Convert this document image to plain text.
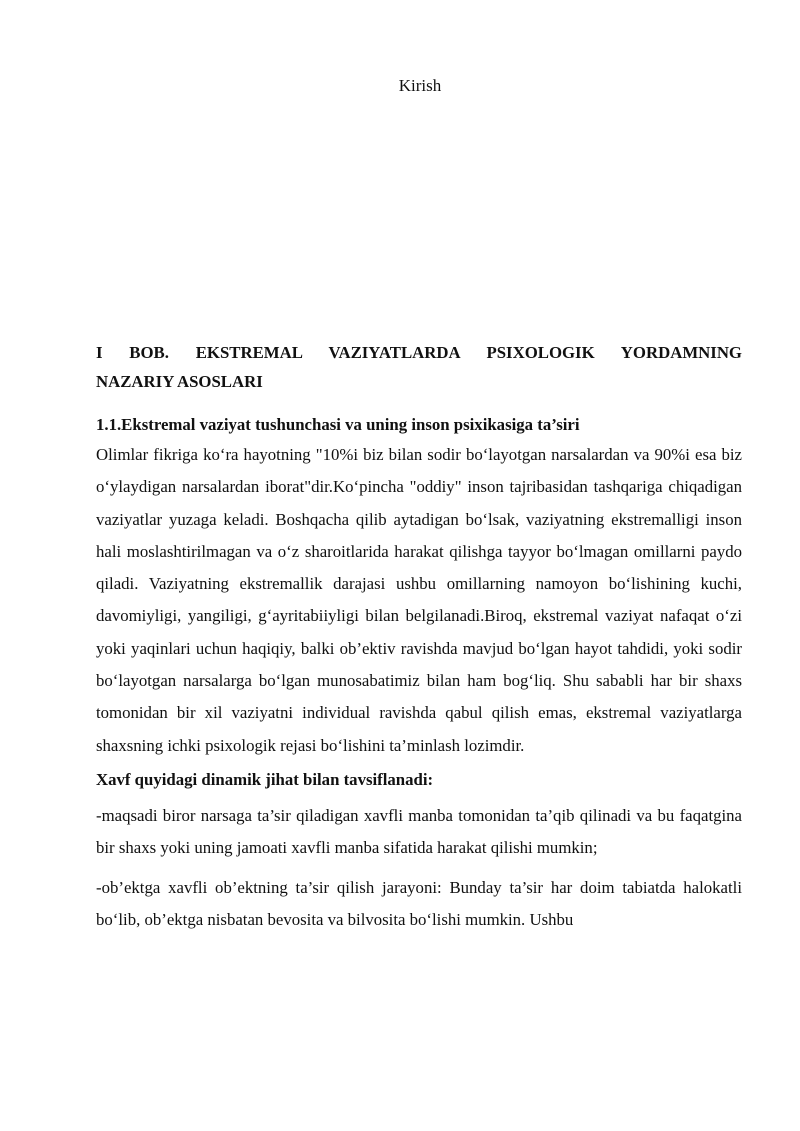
Kirish
I BOB. EKSTREMAL VAZIYATLARDA PSIXOLOGIK YORDAMNING
NAZARIY ASOSLARI
1.1.Ekstremal vaziyat tushunchasi va uning inson psixikasiga ta’siri

Olimlar fikriga ko‘ra hayotning "10%i biz bilan sodir bo‘layotgan narsalardan va 90%i esa biz o‘ylaydigan narsalardan iborat"dir.Ko‘pincha "oddiy" inson tajribasidan tashqariga chiqadigan vaziyatlar yuzaga keladi. Boshqacha qilib aytadigan bo‘lsak, vaziyatning ekstremalligi inson hali moslashtirilmagan va o‘z sharoitlarida harakat qilishga tayyor bo‘lmagan omillarni paydo qiladi. Vaziyatning ekstremallik darajasi ushbu omillarning namoyon bo‘lishining kuchi, davomiyligi, yangiligi, g‘ayritabiiyligi bilan belgilanadi.Biroq, ekstremal vaziyat nafaqat o‘zi yoki yaqinlari uchun haqiqiy, balki ob’ektiv ravishda mavjud bo‘lgan hayot tahdidi, yoki sodir bo‘layotgan narsalarga bo‘lgan munosabatimiz bilan ham bog‘liq. Shu sababli har bir shaxs tomonidan bir xil vaziyatni individual ravishda qabul qilish emas, ekstremal vaziyatlarga shaxsning ichki psixologik rejasi bo‘lishini ta’minlash lozimdir.

Xavf quyidagi dinamik jihat bilan tavsiflanadi:

-maqsadi biror narsaga ta’sir qiladigan xavfli manba tomonidan ta’qib qilinadi va bu faqatgina bir shaxs yoki uning jamoati xavfli manba sifatida harakat qilishi mumkin;

-ob’ektga xavfli ob’ektning ta’sir qilish jarayoni: Bunday ta’sir har doim tabiatda halokatli bo‘lib, ob’ektga nisbatan bevosita va bilvosita bo‘lishi mumkin. Ushbu
